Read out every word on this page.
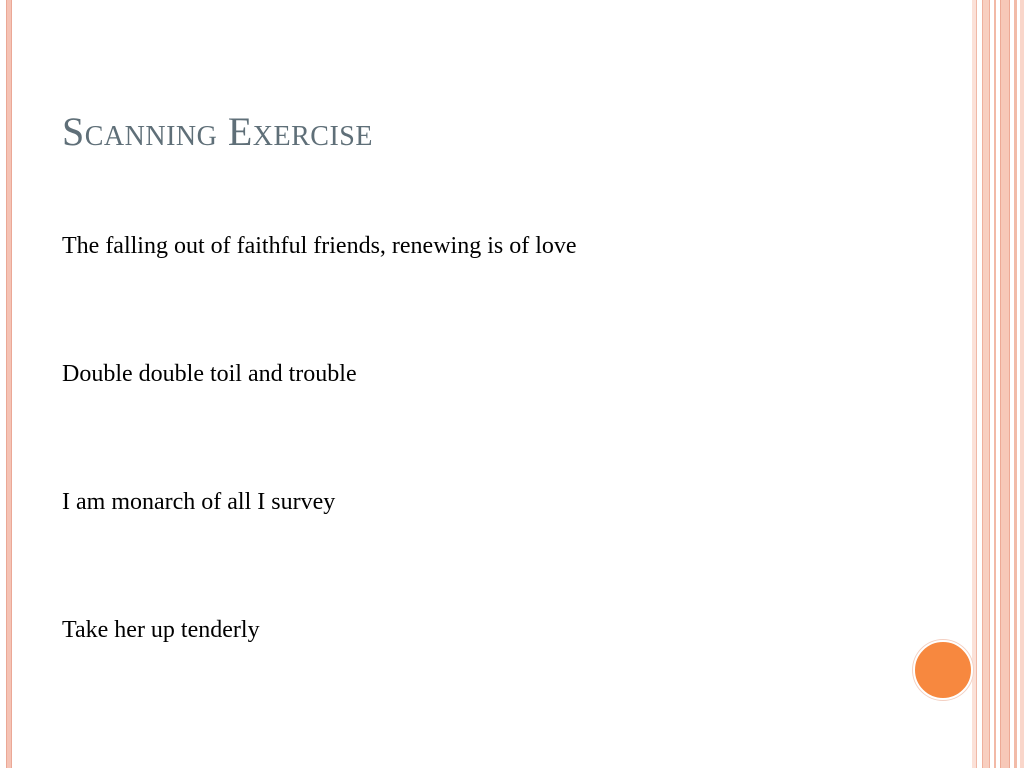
Scanning Exercise
The falling out of faithful friends, renewing is of love
Double double toil and trouble
I am monarch of all I survey
Take her up tenderly
